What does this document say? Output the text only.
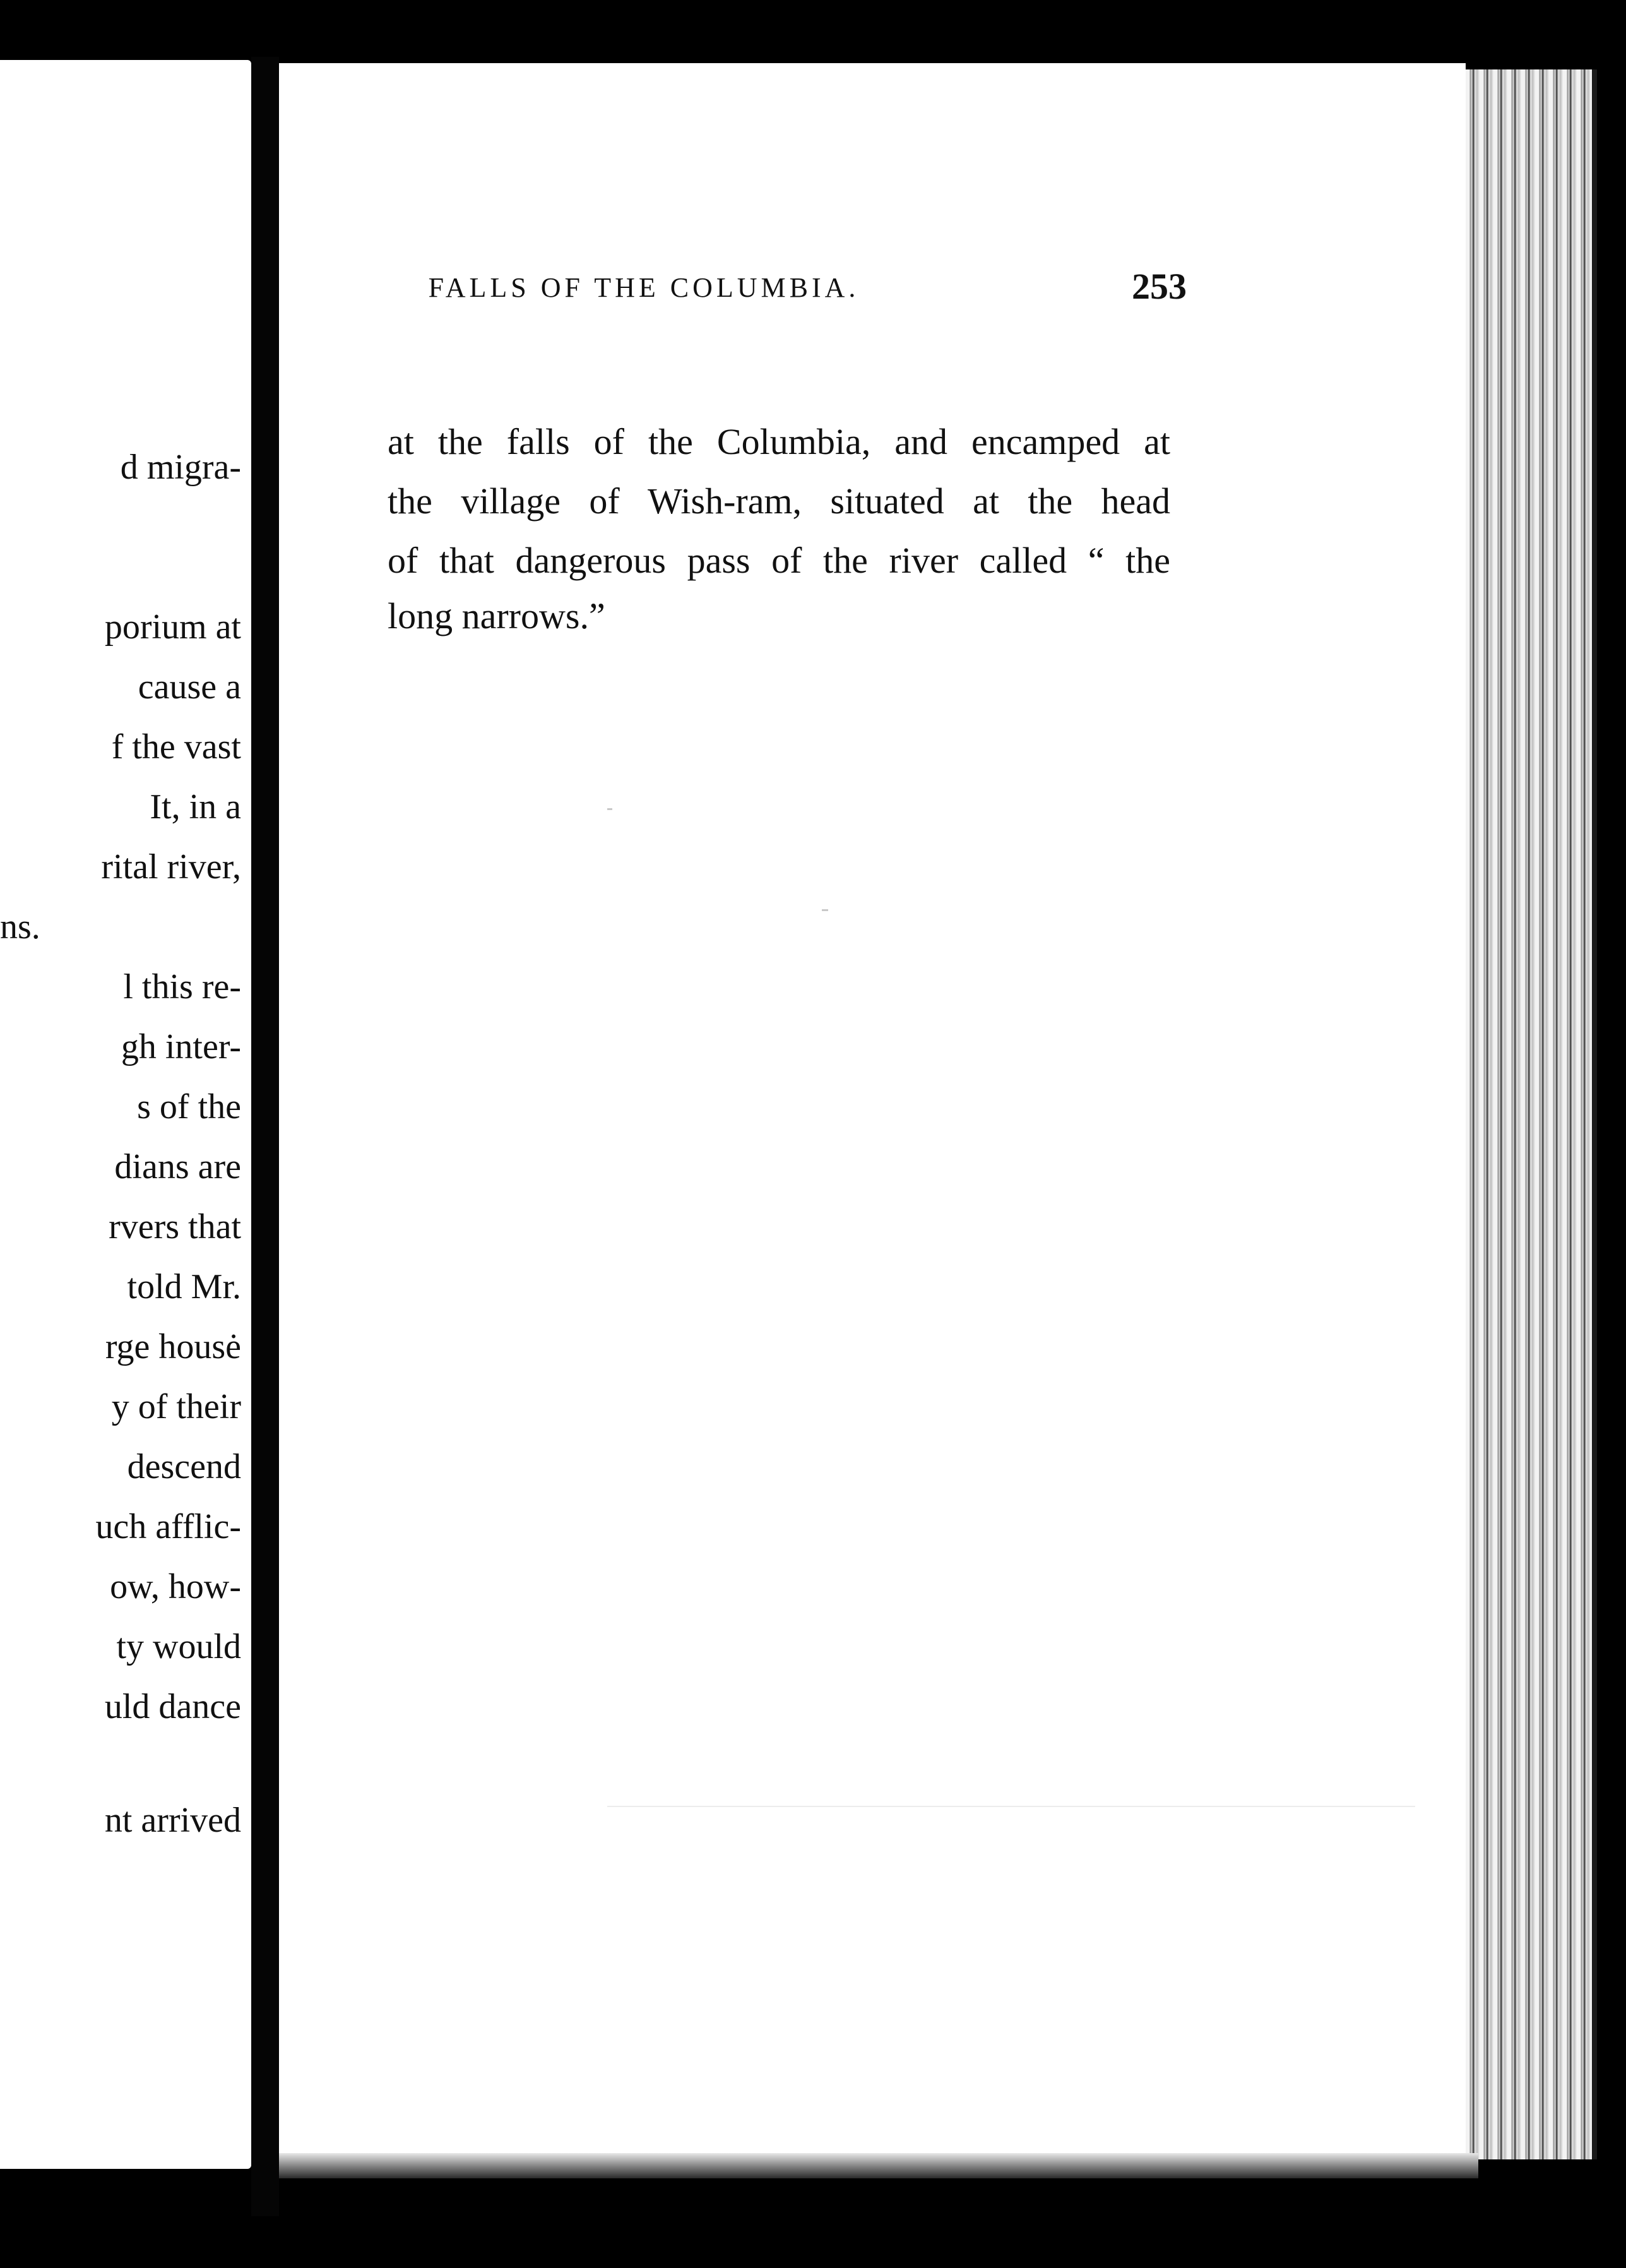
d migra-
porium at
cause a
f the vast
It, in a
rital river,
ns.
l this re-
gh inter-
s of the
dians are
rvers that
told Mr.
rge housė
y of their
descend
uch afflic-
ow, how-
ty would
uld dance
nt arrived
FALLS OF THE COLUMBIA.	253
at the falls of the Columbia, and encamped at
the village of Wish-ram, situated at the head
of that dangerous pass of the river called “ the
long narrows.”
